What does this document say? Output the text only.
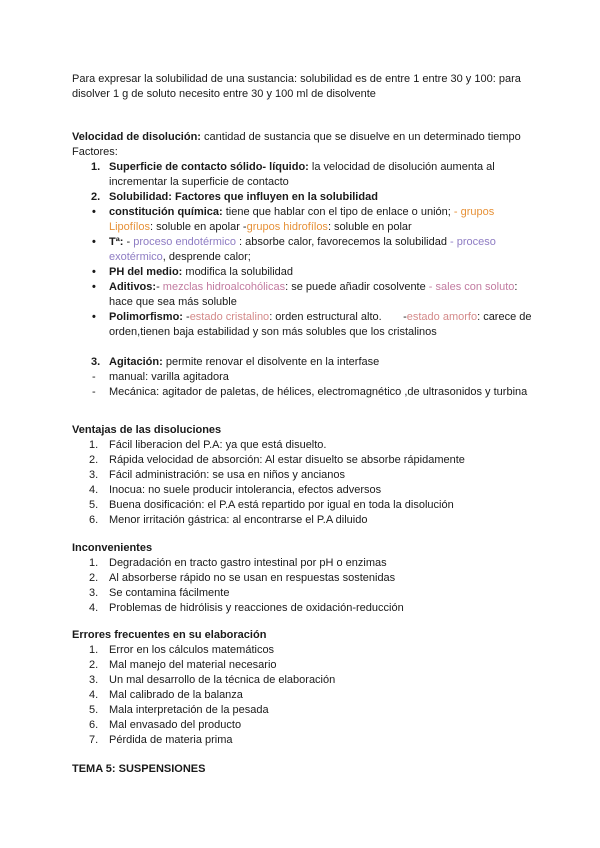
Para expresar la solubilidad de una sustancia: solubilidad es de entre 1 entre 30 y 100: para disolver 1 g de soluto necesito entre 30 y 100 ml de disolvente

Velocidad de disolución: cantidad de sustancia que se disuelve en un determinado tiempo

Factores:

1. Superficie de contacto sólido- líquido: la velocidad de disolución aumenta al incrementar la superficie de contacto
2. Solubilidad: Factores que influyen en la solubilidad
• constitución química: tiene que hablar con el tipo de enlace o unión; - grupos Lipofílos: soluble en apolar -grupos hidrofílos: soluble en polar
• Tª: - proceso endotérmico : absorbe calor, favorecemos la solubilidad - proceso exotérmico, desprende calor;
• PH del medio: modifica la solubilidad
• Aditivos:- mezclas hidroalcohólicas: se puede añadir cosolvente - sales con soluto: hace que sea más soluble
• Polimorfismo: -estado cristalino: orden estructural alto.       -estado amorfo: carece de orden,tienen baja estabilidad y son más solubles que los cristalinos
3. Agitación: permite renovar el disolvente en la interfase
- manual: varilla agitadora
- Mecánica: agitador de paletas, de hélices, electromagnético ,de ultrasonidos y turbina

Ventajas de las disoluciones

1. Fácil liberacion del P.A: ya que está disuelto.
2. Rápida velocidad de absorción: Al estar disuelto se absorbe rápidamente
3. Fácil administración: se usa en niños y ancianos
4. Inocua: no suele producir intolerancia, efectos adversos
5. Buena dosificación: el P.A está repartido por igual en toda la disolución
6. Menor irritación gástrica: al encontrarse el P.A diluido

Inconvenientes

1. Degradación en tracto gastro intestinal por pH o enzimas
2. Al absorberse rápido no se usan en respuestas sostenidas
3. Se contamina fácilmente
4. Problemas de hidrólisis y reacciones de oxidación-reducción

Errores frecuentes en su elaboración

1. Error en los cálculos matemáticos
2. Mal manejo del material necesario
3. Un mal desarrollo de la técnica de elaboración
4. Mal calibrado de la balanza
5. Mala interpretación de la pesada
6. Mal envasado del producto
7. Pérdida de materia prima

TEMA 5: SUSPENSIONES
